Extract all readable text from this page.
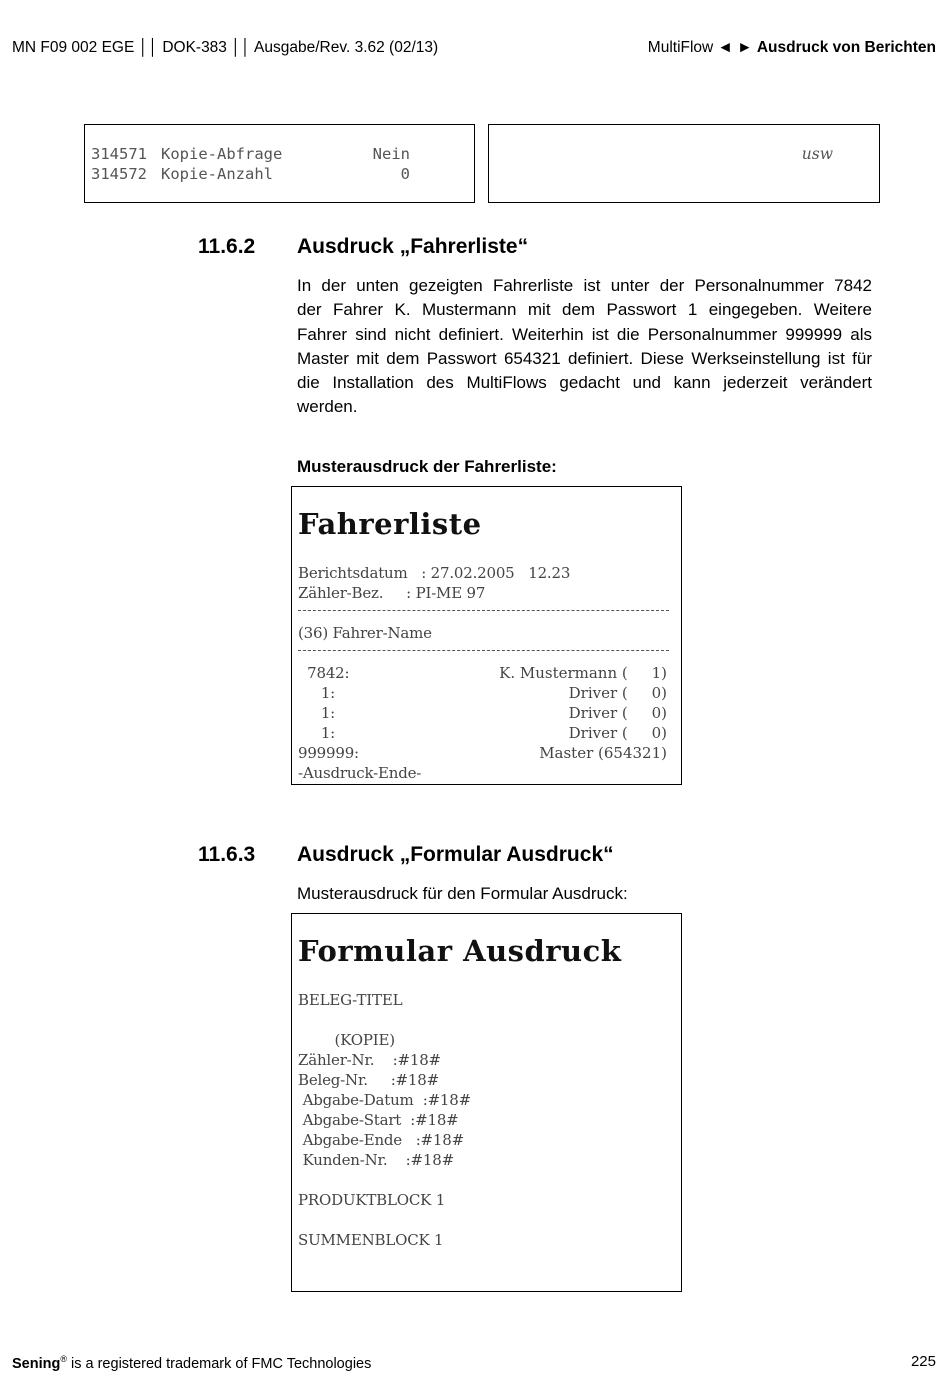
MN F09 002 EGE ││ DOK-383 ││ Ausgabe/Rev. 3.62 (02/13)	MultiFlow ◄ ► Ausdruck von Berichten
314571 Kopie-Abfrage	Nein
314572 Kopie-Anzahl	0
usw
11.6.2 Ausdruck „Fahrerliste“
In der unten gezeigten Fahrerliste ist unter der Personalnummer 7842
der Fahrer K. Mustermann mit dem Passwort 1 eingegeben. Weitere
Fahrer sind nicht definiert. Weiterhin ist die Personalnummer 999999 als
Master mit dem Passwort 654321 definiert. Diese Werkseinstellung ist für
die Installation des MultiFlows gedacht und kann jederzeit verändert
werden.
Musterausdruck der Fahrerliste:
Fahrerliste
Berichtsdatum   : 27.02.2005   12.23
Zähler-Bez.     : PI-ME 97
(36) Fahrer-Name
7842:	K. Mustermann (     1)
1:	Driver (     0)
1:	Driver (     0)
1:	Driver (     0)
999999:	Master (654321)
-Ausdruck-Ende-
11.6.3 Ausdruck „Formular Ausdruck“
Musterausdruck für den Formular Ausdruck:
Formular Ausdruck
BELEG-TITEL
(KOPIE)
Zähler-Nr.    :#18#
Beleg-Nr.     :#18#
Abgabe-Datum  :#18#
Abgabe-Start  :#18#
Abgabe-Ende   :#18#
Kunden-Nr.    :#18#
PRODUKTBLOCK 1
SUMMENBLOCK 1
Sening® is a registered trademark of FMC Technologies	225
